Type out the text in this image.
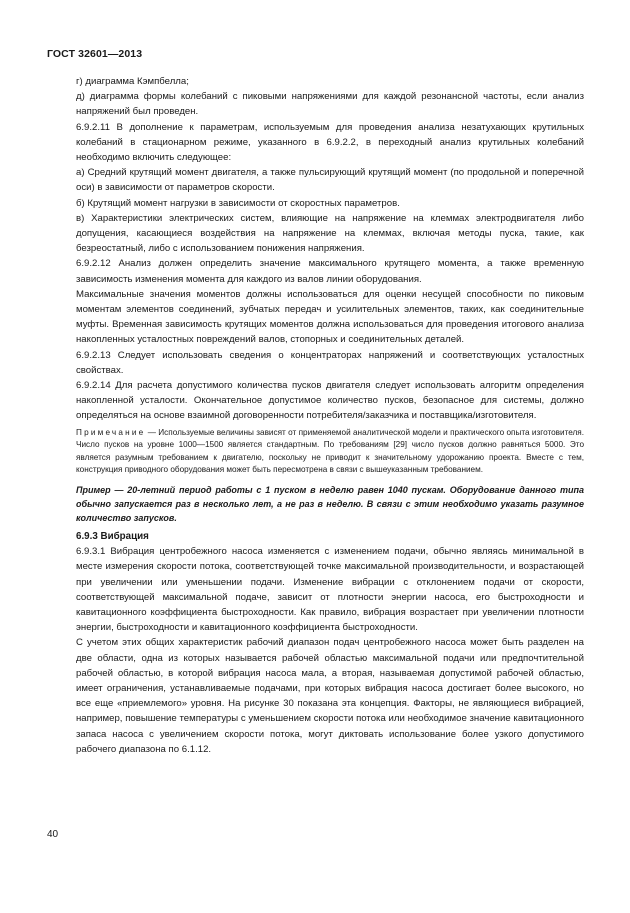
ГОСТ 32601—2013

г) диаграмма Кэмпбелла;

д) диаграмма формы колебаний с пиковыми напряжениями для каждой резонансной частоты, если анализ напряжений был проведен.

6.9.2.11 В дополнение к параметрам, используемым для проведения анализа незатухающих крутильных колебаний в стационарном режиме, указанного в 6.9.2.2, в переходный анализ крутильных колебаний необходимо включить следующее:

а) Средний крутящий момент двигателя, а также пульсирующий крутящий момент (по продольной и поперечной оси) в зависимости от параметров скорости.

б) Крутящий момент нагрузки в зависимости от скоростных параметров.

в) Характеристики электрических систем, влияющие на напряжение на клеммах электродвигателя либо допущения, касающиеся воздействия на напряжение на клеммах, включая методы пуска, такие, как безреостатный, либо с использованием понижения напряжения.

6.9.2.12 Анализ должен определить значение максимального крутящего момента, а также временную зависимость изменения момента для каждого из валов линии оборудования.

Максимальные значения моментов должны использоваться для оценки несущей способности по пиковым моментам элементов соединений, зубчатых передач и усилительных элементов, таких, как соединительные муфты. Временная зависимость крутящих моментов должна использоваться для проведения итогового анализа накопленных усталостных повреждений валов, стопорных и соединительных деталей.

6.9.2.13 Следует использовать сведения о концентраторах напряжений и соответствующих усталостных свойствах.

6.9.2.14 Для расчета допустимого количества пусков двигателя следует использовать алгоритм определения накопленной усталости. Окончательное допустимое количество пусков, безопасное для системы, должно определяться на основе взаимной договоренности потребителя/заказчика и поставщика/изготовителя.

Примечание — Используемые величины зависят от применяемой аналитической модели и практического опыта изготовителя. Число пусков на уровне 1000—1500 является стандартным. По требованиям [29] число пусков должно равняться 5000. Это является разумным требованием к двигателю, поскольку не приводит к значительному удорожанию проекта. Вместе с тем, конструкция приводного оборудования может быть пересмотрена в связи с вышеуказанным требованием.

Пример — 20-летний период работы с 1 пуском в неделю равен 1040 пускам. Оборудование данного типа обычно запускается раз в несколько лет, а не раз в неделю. В связи с этим необходимо указать разумное количество запусков.

6.9.3 Вибрация

6.9.3.1 Вибрация центробежного насоса изменяется с изменением подачи, обычно являясь минимальной в месте измерения скорости потока, соответствующей точке максимальной производительности, и возрастающей при увеличении или уменьшении подачи. Изменение вибрации с отклонением подачи от скорости, соответствующей максимальной подаче, зависит от плотности энергии насоса, его быстроходности и кавитационного коэффициента быстроходности. Как правило, вибрация возрастает при увеличении плотности энергии, быстроходности и кавитационного коэффициента быстроходности.

С учетом этих общих характеристик рабочий диапазон подач центробежного насоса может быть разделен на две области, одна из которых называется рабочей областью максимальной подачи или предпочтительной рабочей областью, в которой вибрация насоса мала, а вторая, называемая допустимой рабочей областью, имеет ограничения, устанавливаемые подачами, при которых вибрация насоса достигает более высокого, но все еще «приемлемого» уровня. На рисунке 30 показана эта концепция. Факторы, не являющиеся вибрацией, например, повышение температуры с уменьшением скорости потока или необходимое значение кавитационного запаса насоса с увеличением скорости потока, могут диктовать использование более узкого допустимого рабочего диапазона по 6.1.12.

40
